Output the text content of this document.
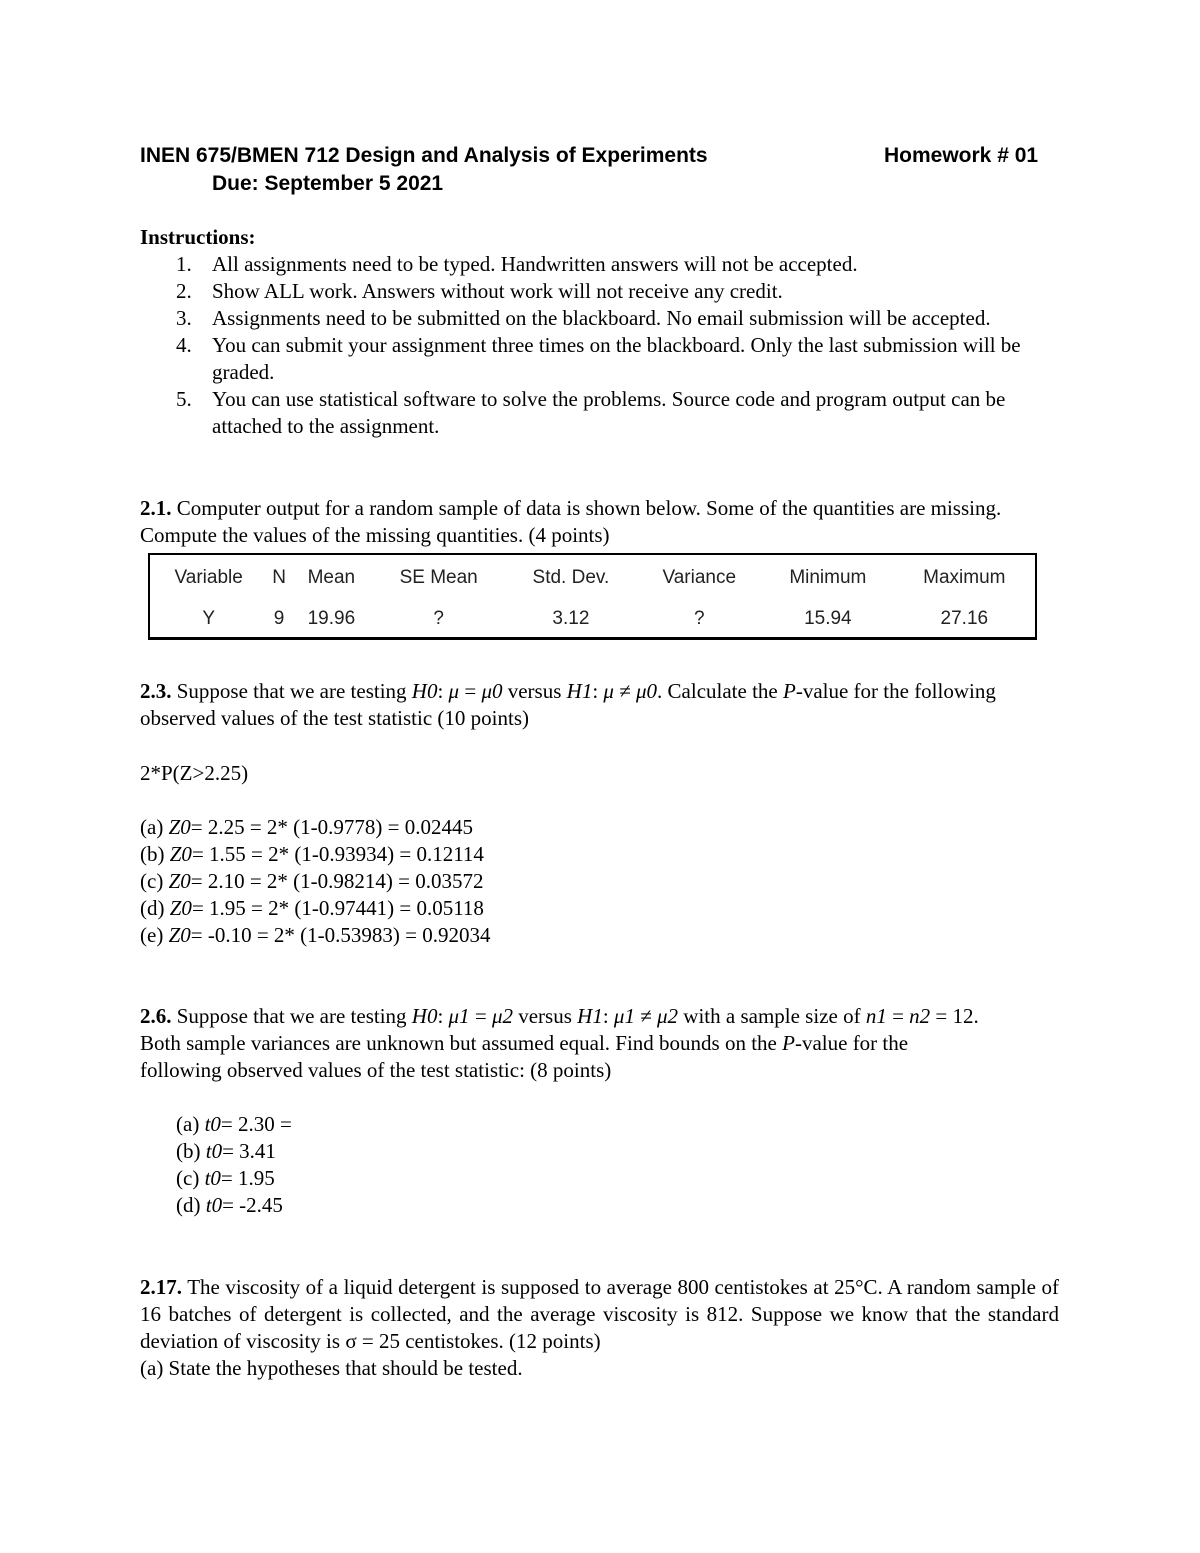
INEN 675/BMEN 712 Design and Analysis of Experiments	Homework # 01
Due: September 5 2021
Instructions:
1. All assignments need to be typed. Handwritten answers will not be accepted.
2. Show ALL work. Answers without work will not receive any credit.
3. Assignments need to be submitted on the blackboard. No email submission will be accepted.
4. You can submit your assignment three times on the blackboard. Only the last submission will be graded.
5. You can use statistical software to solve the problems. Source code and program output can be attached to the assignment.
2.1. Computer output for a random sample of data is shown below. Some of the quantities are missing. Compute the values of the missing quantities. (4 points)
Variable	N	Mean	SE Mean	Std. Dev.	Variance	Minimum	Maximum
Y	9	19.96	?	3.12	?	15.94	27.16
2.3. Suppose that we are testing H0: μ = μ0 versus H1: μ ≠ μ0. Calculate the P-value for the following observed values of the test statistic (10 points)
2*P(Z>2.25)
(a) Z0= 2.25 = 2* (1-0.9778) = 0.02445
(b) Z0= 1.55 = 2* (1-0.93934) = 0.12114
(c) Z0= 2.10 = 2* (1-0.98214) = 0.03572
(d) Z0= 1.95 = 2* (1-0.97441) = 0.05118
(e) Z0= -0.10 = 2* (1-0.53983) = 0.92034
2.6. Suppose that we are testing H0: μ1 = μ2 versus H1: μ1 ≠ μ2 with a sample size of n1 = n2 = 12.
Both sample variances are unknown but assumed equal. Find bounds on the P-value for the
following observed values of the test statistic: (8 points)
(a) t0= 2.30 =
(b) t0= 3.41
(c) t0= 1.95
(d) t0= -2.45
2.17. The viscosity of a liquid detergent is supposed to average 800 centistokes at 25°C. A random sample of 16 batches of detergent is collected, and the average viscosity is 812. Suppose we know that the standard deviation of viscosity is σ = 25 centistokes. (12 points)
(a) State the hypotheses that should be tested.
